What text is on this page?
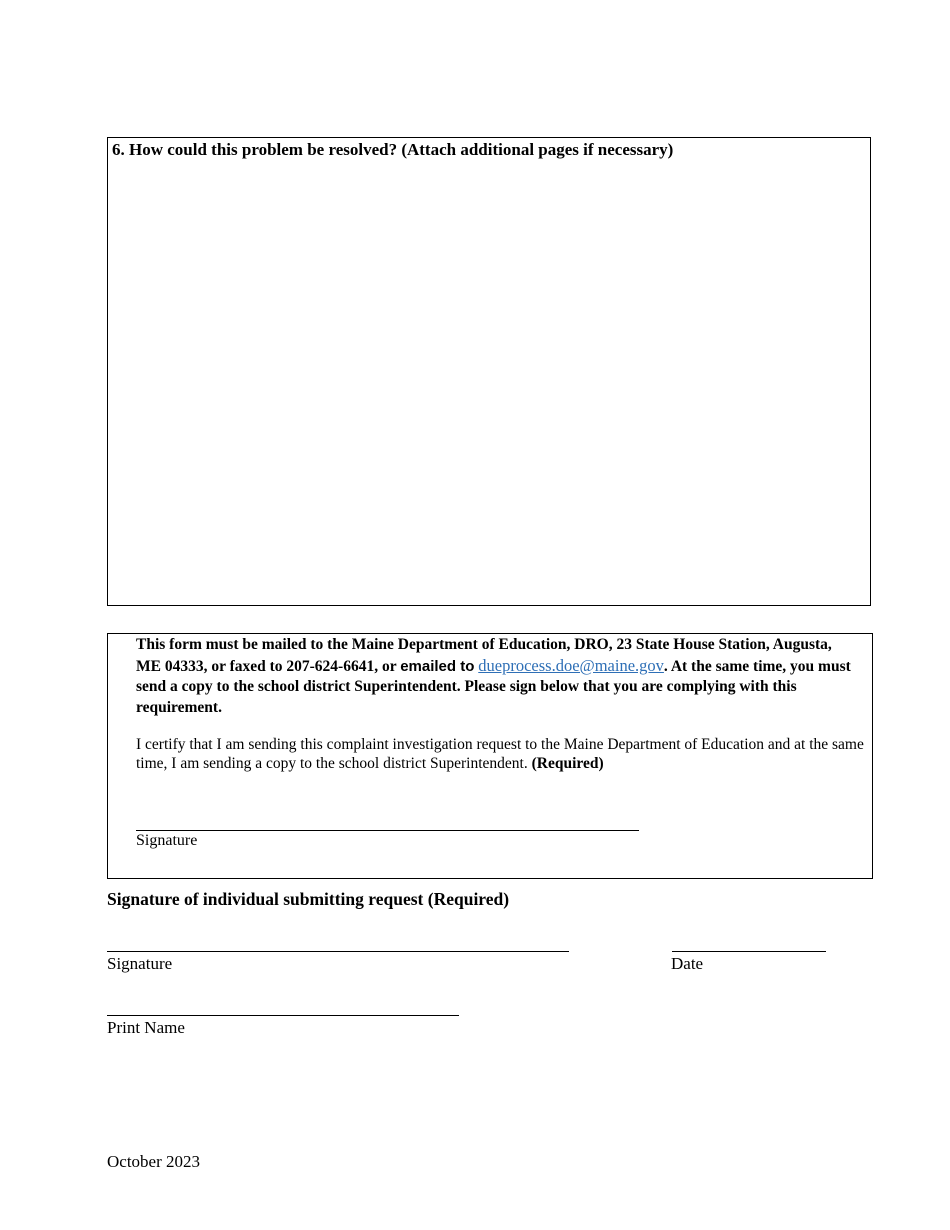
6. How could this problem be resolved? (Attach additional pages if necessary)
This form must be mailed to the Maine Department of Education, DRO, 23 State House Station, Augusta, ME 04333, or faxed to 207-624-6641, or emailed to dueprocess.doe@maine.gov. At the same time, you must send a copy to the school district Superintendent. Please sign below that you are complying with this requirement.
I certify that I am sending this complaint investigation request to the Maine Department of Education and at the same time, I am sending a copy to the school district Superintendent. (Required)
Signature
Signature of individual submitting request (Required)
Signature	Date
Print Name
October 2023
